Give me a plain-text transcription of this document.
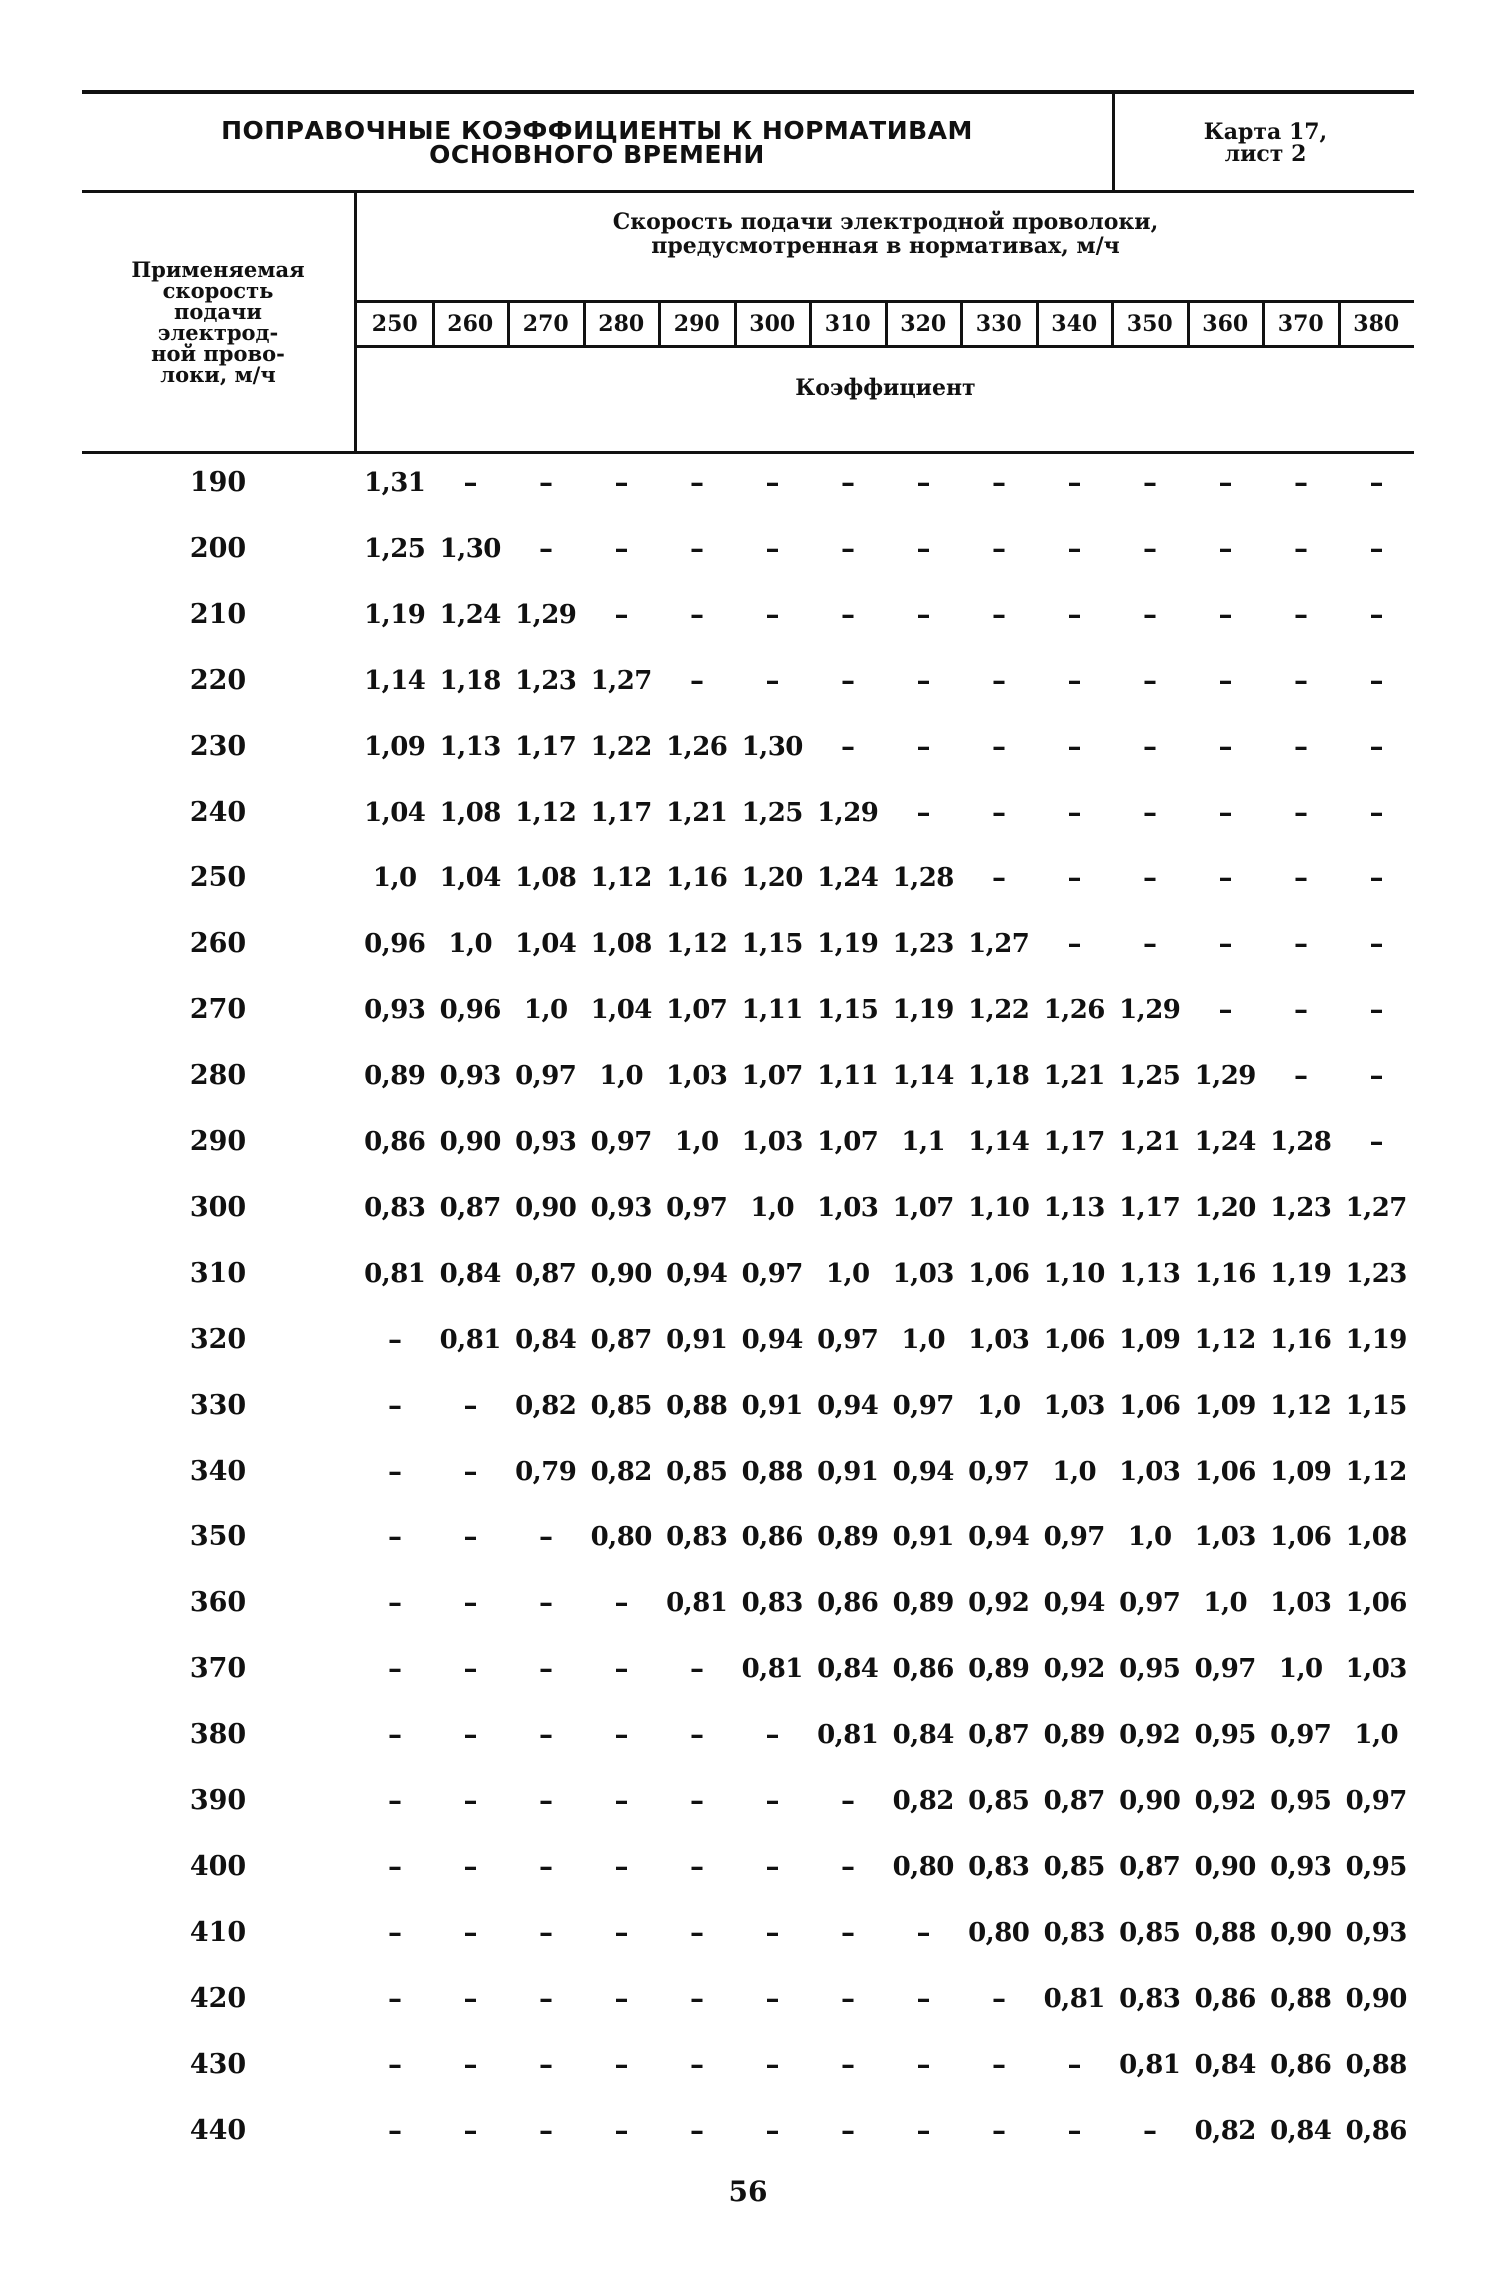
ПОПРАВОЧНЫЕ КОЭФФИЦИЕНТЫ К НОРМАТИВАМ
ОСНОВНОГО ВРЕМЕНИ
Карта 17,
лист 2
Применяемая
скорость
подачи
электрод-
ной прово-
локи, м/ч
Скорость подачи электродной проволоки,
предусмотренная в нормативах, м/ч
250	260	270	280	290	300	310	320	330	340	350	360	370	380
Коэффициент
190	1,31	–	–	–	–	–	–	–	–	–	–	–	–	–
200	1,25 1,30	–	–	–	–	–	–	–	–	–	–	–	–
210	1,19 1,24 1,29	–	–	–	–	–	–	–	–	–	–	–
220	1,14 1,18 1,23 1,27	–	–	–	–	–	–	–	–	–	–
230	1,09 1,13 1,17 1,22 1,26 1,30	–	–	–	–	–	–	–	–
240	1,04 1,08 1,12 1,17 1,21 1,25 1,29	–	–	–	–	–	–	–
250	1,0 1,04 1,08 1,12 1,16 1,20 1,24 1,28	–	–	–	–	–	–
260	0,96 1,0 1,04 1,08 1,12 1,15 1,19 1,23 1,27	–	–	–	–	–
270	0,93 0,96 1,0 1,04 1,07 1,11 1,15 1,19 1,22 1,26 1,29	–	–	–
280	0,89 0,93 0,97 1,0 1,03 1,07 1,11 1,14 1,18 1,21 1,25 1,29	–	–
290	0,86 0,90 0,93 0,97 1,0 1,03 1,07 1,1 1,14 1,17 1,21 1,24 1,28	–
300	0,83 0,87 0,90 0,93 0,97 1,0 1,03 1,07 1,10 1,13 1,17 1,20 1,23 1,27
310	0,81 0,84 0,87 0,90 0,94 0,97 1,0 1,03 1,06 1,10 1,13 1,16 1,19 1,23
320	–	0,81 0,84 0,87 0,91 0,94 0,97 1,0 1,03 1,06 1,09 1,12 1,16 1,19
330	–	–	0,82 0,85 0,88 0,91 0,94 0,97 1,0 1,03 1,06 1,09 1,12 1,15
340	–	–	0,79 0,82 0,85 0,88 0,91 0,94 0,97 1,0 1,03 1,06 1,09 1,12
350	–	–	–	0,80 0,83 0,86 0,89 0,91 0,94 0,97 1,0 1,03 1,06 1,08
360	–	–	–	–	0,81 0,83 0,86 0,89 0,92 0,94 0,97 1,0 1,03 1,06
370	–	–	–	–	–	0,81 0,84 0,86 0,89 0,92 0,95 0,97 1,0 1,03
380	–	–	–	–	–	–	0,81 0,84 0,87 0,89 0,92 0,95 0,97 1,0
390	–	–	–	–	–	–	–	0,82 0,85 0,87 0,90 0,92 0,95 0,97
400	–	–	–	–	–	–	–	0,80 0,83 0,85 0,87 0,90 0,93 0,95
410	–	–	–	–	–	–	–	–	0,80 0,83 0,85 0,88 0,90 0,93
420	–	–	–	–	–	–	–	–	–	0,81 0,83 0,86 0,88 0,90
430	–	–	–	–	–	–	–	–	–	–	0,81 0,84 0,86 0,88
440	–	–	–	–	–	–	–	–	–	–	–	0,82 0,84 0,86
56
